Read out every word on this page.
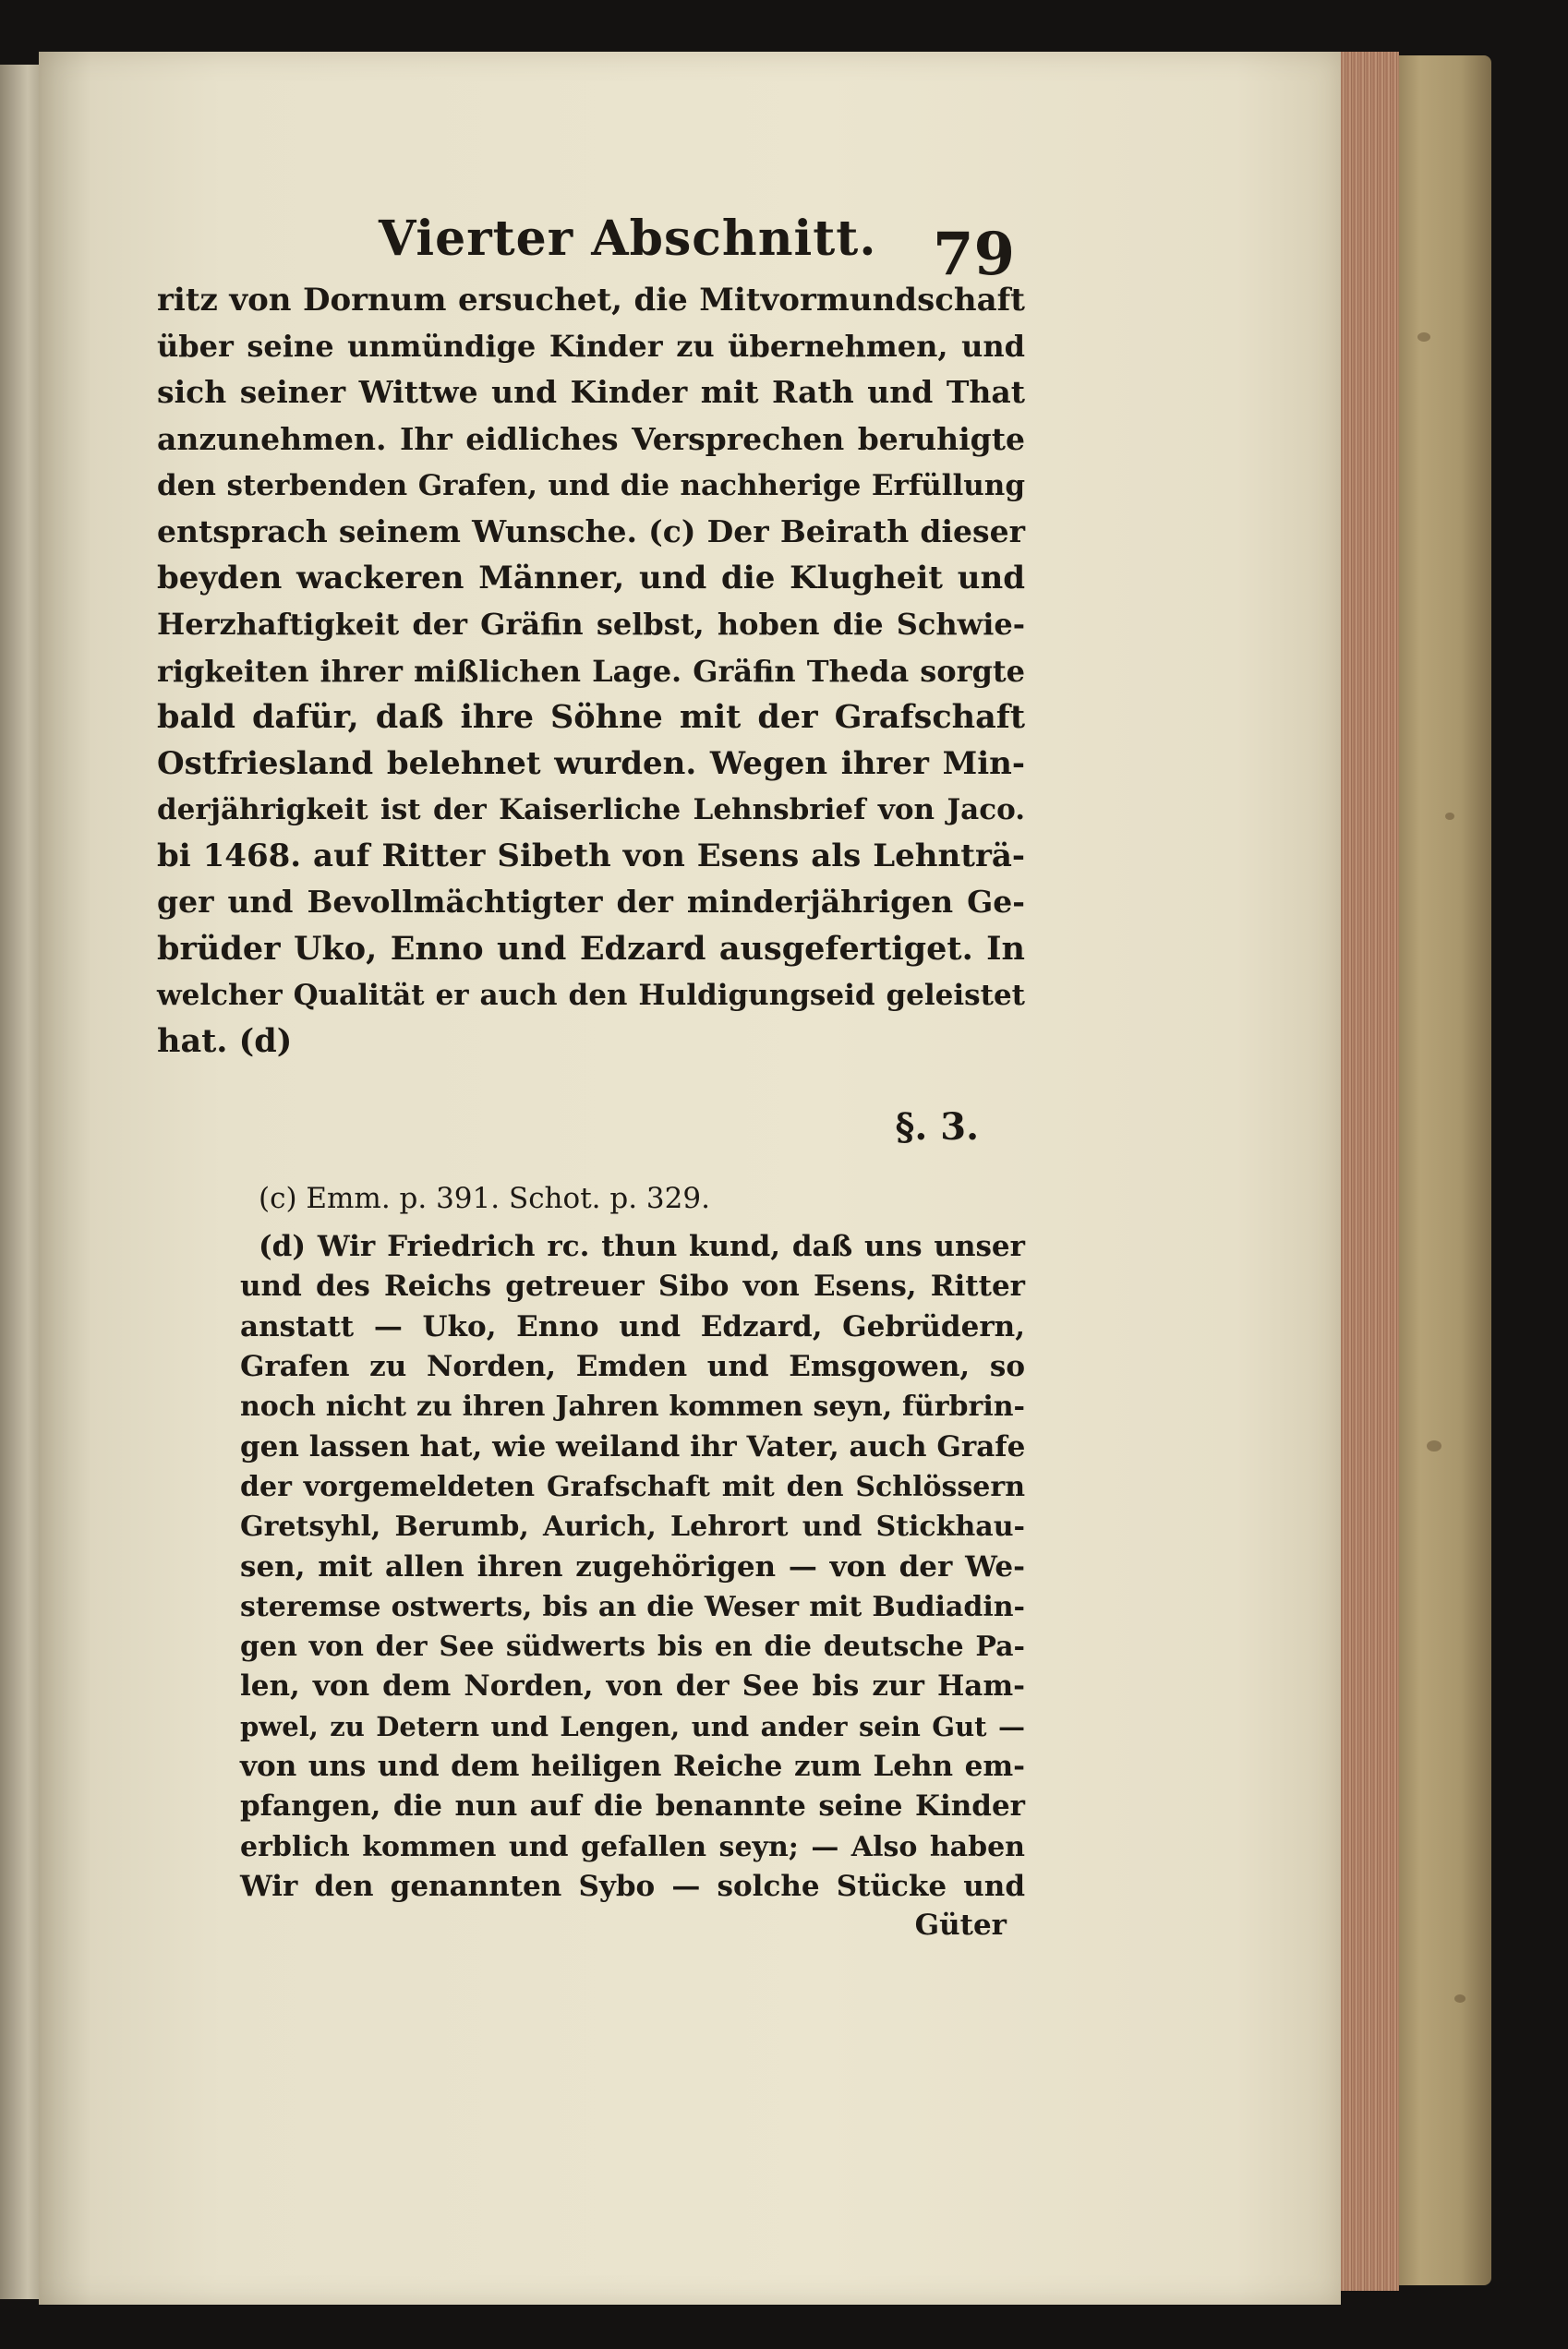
Vierter Abschnitt. 79
ritz von Dornum ersuchet, die Mitvormundschaft
über seine unmündige Kinder zu übernehmen, und
sich seiner Wittwe und Kinder mit Rath und That
anzunehmen. Ihr eidliches Versprechen beruhigte
den sterbenden Grafen, und die nachherige Erfüllung
entsprach seinem Wunsche. (c) Der Beirath dieser
beyden wackeren Männer, und die Klugheit und
Herzhaftigkeit der Gräfin selbst, hoben die Schwie-
rigkeiten ihrer mißlichen Lage. Gräfin Theda sorgte
bald dafür, daß ihre Söhne mit der Grafschaft
Ostfriesland belehnet wurden. Wegen ihrer Min-
derjährigkeit ist der Kaiserliche Lehnsbrief von Jaco.
bi 1468. auf Ritter Sibeth von Esens als Lehnträ-
ger und Bevollmächtigter der minderjährigen Ge-
brüder Uko, Enno und Edzard ausgefertiget. In
welcher Qualität er auch den Huldigungseid geleistet
hat. (d)
§. 3.
(c) Emm. p. 391. Schot. p. 329.
(d) Wir Friedrich rc. thun kund, daß uns unser
und des Reichs getreuer Sibo von Esens, Ritter
anstatt — Uko, Enno und Edzard, Gebrüdern,
Grafen zu Norden, Emden und Emsgowen, so
noch nicht zu ihren Jahren kommen seyn, fürbrin-
gen lassen hat, wie weiland ihr Vater, auch Grafe
der vorgemeldeten Grafschaft mit den Schlössern
Gretsyhl, Berumb, Aurich, Lehrort und Stickhau-
sen, mit allen ihren zugehörigen — von der We-
steremse ostwerts, bis an die Weser mit Budiadin-
gen von der See südwerts bis en die deutsche Pa-
len, von dem Norden, von der See bis zur Ham-
pwel, zu Detern und Lengen, und ander sein Gut —
von uns und dem heiligen Reiche zum Lehn em-
pfangen, die nun auf die benannte seine Kinder
erblich kommen und gefallen seyn; — Also haben
Wir den genannten Sybo — solche Stücke und
Güter
